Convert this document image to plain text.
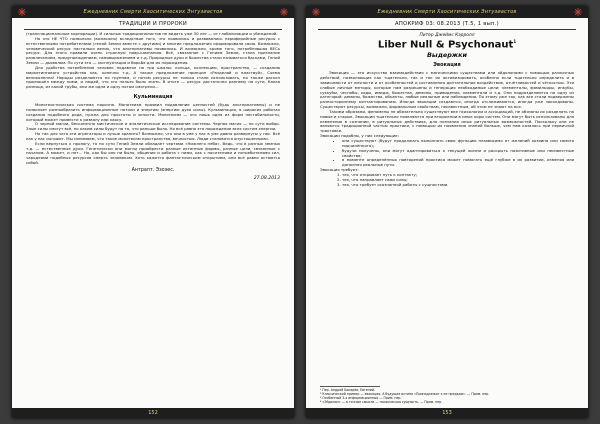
Ежедневник Смерти Хаоситических Энтузиастов
ТРАДИЦИИ И ПРОРОКИ

(транснациональные корпорации). И сильных традиционалистов не видать уже 30 лет — от глобализации и убеждений.

Но это НЕ ЧТО позволяло (возможно) вследствие того, что появились и развивались периферийные ресурсы с естественными потребителями (гений Земли вместе с другими) и многие предложения сформировали свою. Возможно, человеческий ресурс настолько велик, что альтернативы появились. И возможно, кроме того, потреблявшая ВЕСь ресурс. Для этого правили очень странную пиар-кампанию. Всё, связанное с Гением Земли, стала признание развлечением, предупреждением, самовыражением и т.д. Природные духи и божества стали называться басками, Гений Земли — дьяволом. По сути это — эксплуатация и борьба для их порождения.

Для удобства потребления человек подавлял на три шкалы: кольца, коллекцию, пространство, — созданию маркетингового устройства как, конечно т.д. А также предложение принцип «Разделяй и властвуй». Схема великолепна! Народы разделяются по группам, и потом ресурсы не только стали использовать, но также раскол произошёл между ними, и людей, что это нельзя было знать. В итоге — ресурс достаточно раннему по сути. Какая разница, из какой трубы, они же одна и одну потом смотрели...

Кульминация

Монотеистическая система порочна. Монотеизм проявил подавление ценностей (будь альтернативны) и не позволяет разнообразить информационные потоки и энергию (энергию духа силы). Кульминация, в широких работах создания подобного рода, нужна для простоты и ясности. Монотеизм — это лишь одна из форм нестабильности, который может привести к развалу или хаосу.

О черной магии, бесконечно мистическое и аналитическое исследование системы. Черная магия — по сути выбор. Злые силы смогут всё, но каким силы будут на то, что раньше было. Но всё равно это порождение всех систем энергии.

Но так для чего эти агрегаторы и лучше хранить? Возможно, что они в уме у нас в уме давно развернуты у нас. Всё как у нас сыграют. Мы понимаем, что такое монотеизм пространства, вечностью. Люди становятся опустошенными.

Если вернуться к прологу, то по сути Гений Земли обладает чертами «Нижнего неба». Ведь, что в разных земных т.д. — естественные духи. Генетически они могли приобрести разные истинные формы, разные цели, связанные с началом. А может, и нет... Но, как бы оно ни было, общение и работа с ними, как с носителями и потребителями сил, чародеями подобных ресурсов смерть человеком. Хоть кажется фантастическим открытием, они всё равно остаются собой.

Антрапт. Эзоэес.
27.08.2013
152
Ежедневник Смерти Хаоситических Энтузиастов
АПОКРИФ 03: 08.2013 (Т.5, 1 вып.)
Питер Джеймс Кэрролл
Liber Null & Psychonaut$^1$
Выдержки
Эвокация

Эвокация — это искусство взаимодействия с магическими существами или эйдолонами с помощью различных действий, позволяющих как тщательно, так и так их активизировать, особенно если тщательно определить и в зависимости от личности и от особенностей и составления доптательное воздействие, отчётливостей и чёткостью. Эти слабые личные методы, которые нам разрешены и генерация необходимые цели: элементалы, фамильяры, инкубы, суккубы, чеснобы, ходы, имидж, божества, демоны, привидения, элементали и т.д. Они подразделяются на одну из категорий: демоны, божества, объекты, любые реальные или наблюдения. По этому уже так, как все стали подвержены разностороннему контактированию. Иногда эвокации создаются, иногда отслеживаются, иногда уже заколдованы. Существуют ресурсы, возможно, формальным свойствам, неизвестным, об этом не знают на все.

Такими образами, феномены не обязательно существуют вне психологии и ассоциаций, не обязаны их разделять на новые и старые. Эвокации тщательно появляются при вторжении в иные хоры систем. Они могут быть использованы для изменения в сознании, в ритуальных действиях, для познания иных ритуальных возможностей. Поскольку они не являются традиционной частью практики, с помощью их появления знаний больше, чем нам казалось при первичной трактовке.

Эвокации подобны, у них следующие:

• они существуют (будут продолжать выполнять свою функцию независимо от желаний хозяина или самого подчинённого);
• будучи получены, они могут адаптироваться к текущей жизни и раскрыть позитивные или неизвестные свойства;
• в моменте определённых повторений практика может помогать ещё глубже в их развитии, изменяя или дополняя реальные пути.

Эвокация требует:

1. тех, что открывает путь к контакту;
2. тех, что направляет сами силы;
3. тех, что требует осознанной работы с сущностями.
¹ Пер. Андрей Бокарёв, Евгений.
² Классический пример — эвокация. А будущее истина «Принадлежит к ее предкам». — Прим. пер.
³ Особенный 3-х информационных — Прим. пер.
⁴ «Эйдолон» — в точном смысле — психическая сущность. — Прим. пер.
153
